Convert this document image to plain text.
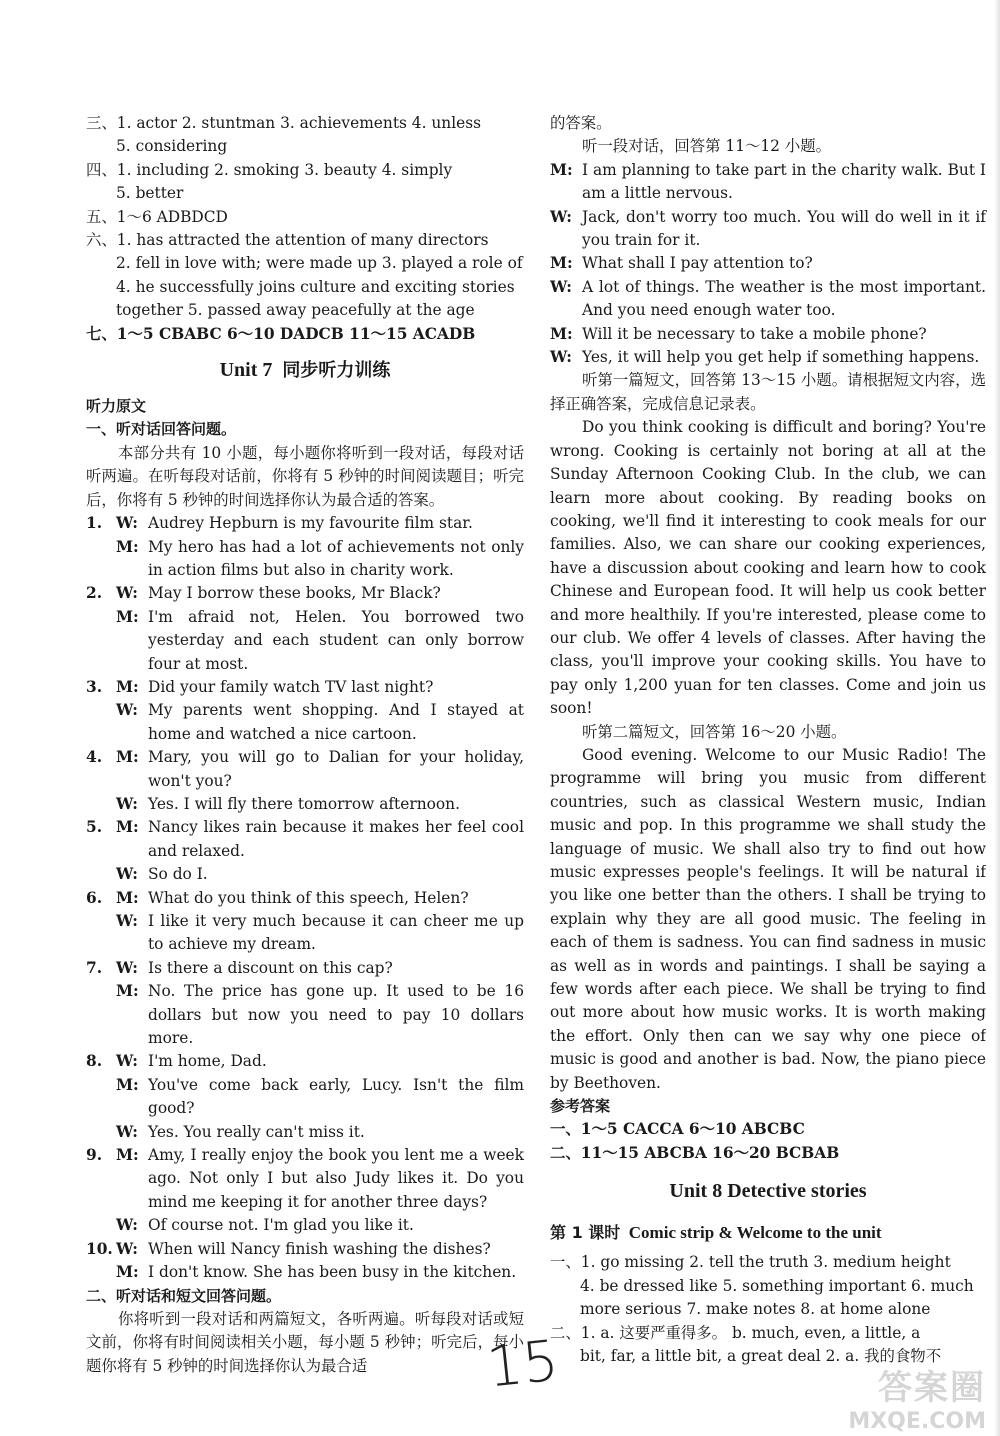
三、1. actor 2. stuntman 3. achievements 4. unless
5. considering
四、1. including 2. smoking 3. beauty 4. simply
5. better
五、1～6 ADBDCD
六、1. has attracted the attention of many directors
2. fell in love with; were made up 3. played a role of
4. he successfully joins culture and exciting stories
together 5. passed away peacefully at the age
七、1～5 CBABC 6～10 DADCB 11～15 ACADB
Unit 7 同步听力训练
听力原文
一、听对话回答问题。
本部分共有 10 小题，每小题你将听到一段对话，每段对话听两遍。在听每段对话前，你将有 5 秒钟的时间阅读题目；听完后，你将有 5 秒钟的时间选择你认为最合适的答案。
1. W: Audrey Hepburn is my favourite film star.
M: My hero has had a lot of achievements not only in action films but also in charity work.
2. W: May I borrow these books, Mr Black?
M: I'm afraid not, Helen. You borrowed two yesterday and each student can only borrow four at most.
3. M: Did your family watch TV last night?
W: My parents went shopping. And I stayed at home and watched a nice cartoon.
4. M: Mary, you will go to Dalian for your holiday, won't you?
W: Yes. I will fly there tomorrow afternoon.
5. M: Nancy likes rain because it makes her feel cool and relaxed.
W: So do I.
6. M: What do you think of this speech, Helen?
W: I like it very much because it can cheer me up to achieve my dream.
7. W: Is there a discount on this cap?
M: No. The price has gone up. It used to be 16 dollars but now you need to pay 10 dollars more.
8. W: I'm home, Dad.
M: You've come back early, Lucy. Isn't the film good?
W: Yes. You really can't miss it.
9. M: Amy, I really enjoy the book you lent me a week ago. Not only I but also Judy likes it. Do you mind me keeping it for another three days?
W: Of course not. I'm glad you like it.
10. W: When will Nancy finish washing the dishes?
M: I don't know. She has been busy in the kitchen.
二、听对话和短文回答问题。
你将听到一段对话和两篇短文，各听两遍。听每段对话或短文前，你将有时间阅读相关小题，每小题 5 秒钟；听完后，每小题你将有 5 秒钟的时间选择你认为最合适
的答案。
听一段对话，回答第 11～12 小题。
M: I am planning to take part in the charity walk. But I am a little nervous.
W: Jack, don't worry too much. You will do well in it if you train for it.
M: What shall I pay attention to?
W: A lot of things. The weather is the most important. And you need enough water too.
M: Will it be necessary to take a mobile phone?
W: Yes, it will help you get help if something happens.
听第一篇短文，回答第 13～15 小题。请根据短文内容，选择正确答案，完成信息记录表。
Do you think cooking is difficult and boring? You're wrong. Cooking is certainly not boring at all at the Sunday Afternoon Cooking Club. In the club, we can learn more about cooking. By reading books on cooking, we'll find it interesting to cook meals for our families. Also, we can share our cooking experiences, have a discussion about cooking and learn how to cook Chinese and European food. It will help us cook better and more healthily. If you're interested, please come to our club. We offer 4 levels of classes. After having the class, you'll improve your cooking skills. You have to pay only 1,200 yuan for ten classes. Come and join us soon!
听第二篇短文，回答第 16～20 小题。
Good evening. Welcome to our Music Radio! The programme will bring you music from different countries, such as classical Western music, Indian music and pop. In this programme we shall study the language of music. We shall also try to find out how music expresses people's feelings. It will be natural if you like one better than the others. I shall be trying to explain why they are all good music. The feeling in each of them is sadness. You can find sadness in music as well as in words and paintings. I shall be saying a few words after each piece. We shall be trying to find out more about how music works. It is worth making the effort. Only then can we say why one piece of music is good and another is bad. Now, the piano piece by Beethoven.
参考答案
一、1～5 CACCA 6～10 ABCBC
二、11～15 ABCBA 16～20 BCBAB
Unit 8 Detective stories
第 1 课时 Comic strip & Welcome to the unit
一、1. go missing 2. tell the truth 3. medium height
4. be dressed like 5. something important 6. much
more serious 7. make notes 8. at home alone
二、1. a. 这要严重得多。 b. much, even, a little, a
bit, far, a little bit, a great deal 2. a. 我的食物不
15	答案圈
MXQE.COM
